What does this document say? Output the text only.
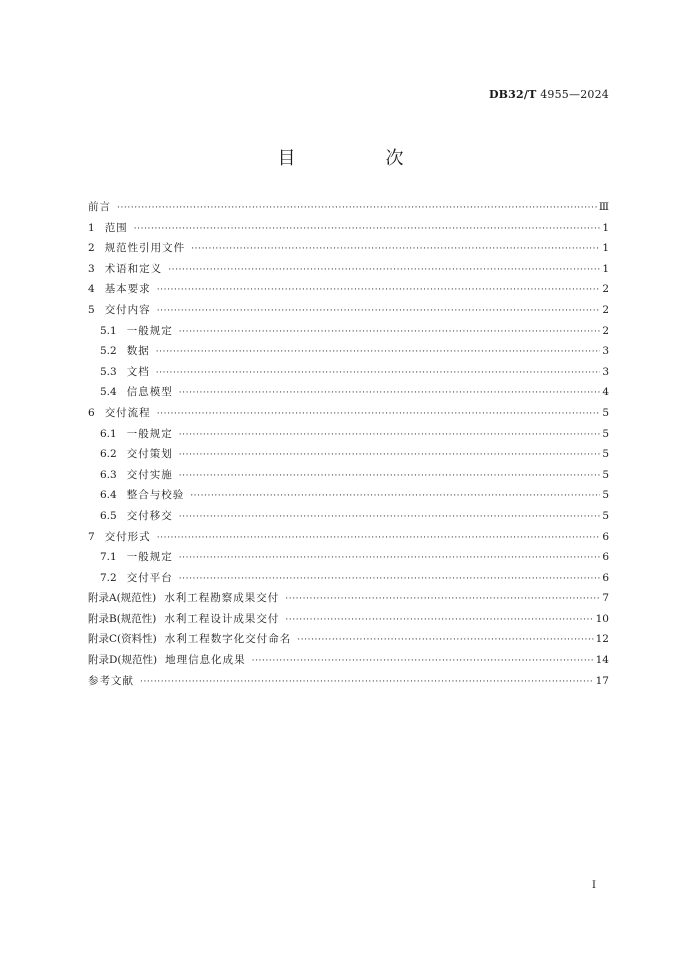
DB32/T 4955—2024
目　次
前言 ·····	Ⅲ
1 范围 ·····	1
2 规范性引用文件 ·····	1
3 术语和定义 ·····	1
4 基本要求 ·····	2
5 交付内容 ·····	2
5.1 一般规定 ·····	2
5.2 数据 ·····	3
5.3 文档 ·····	3
5.4 信息模型 ·····	4
6 交付流程 ·····	5
6.1 一般规定 ·····	5
6.2 交付策划 ·····	5
6.3 交付实施 ·····	5
6.4 整合与校验 ·····	5
6.5 交付移交 ·····	5
7 交付形式 ·····	6
7.1 一般规定 ·····	6
7.2 交付平台 ·····	6
附录A(规范性) 水利工程勘察成果交付 ·····	7
附录B(规范性) 水利工程设计成果交付 ·····	10
附录C(资料性) 水利工程数字化交付命名 ·····	12
附录D(规范性) 地理信息化成果 ·····	14
参考文献 ·····	17
Ⅰ
